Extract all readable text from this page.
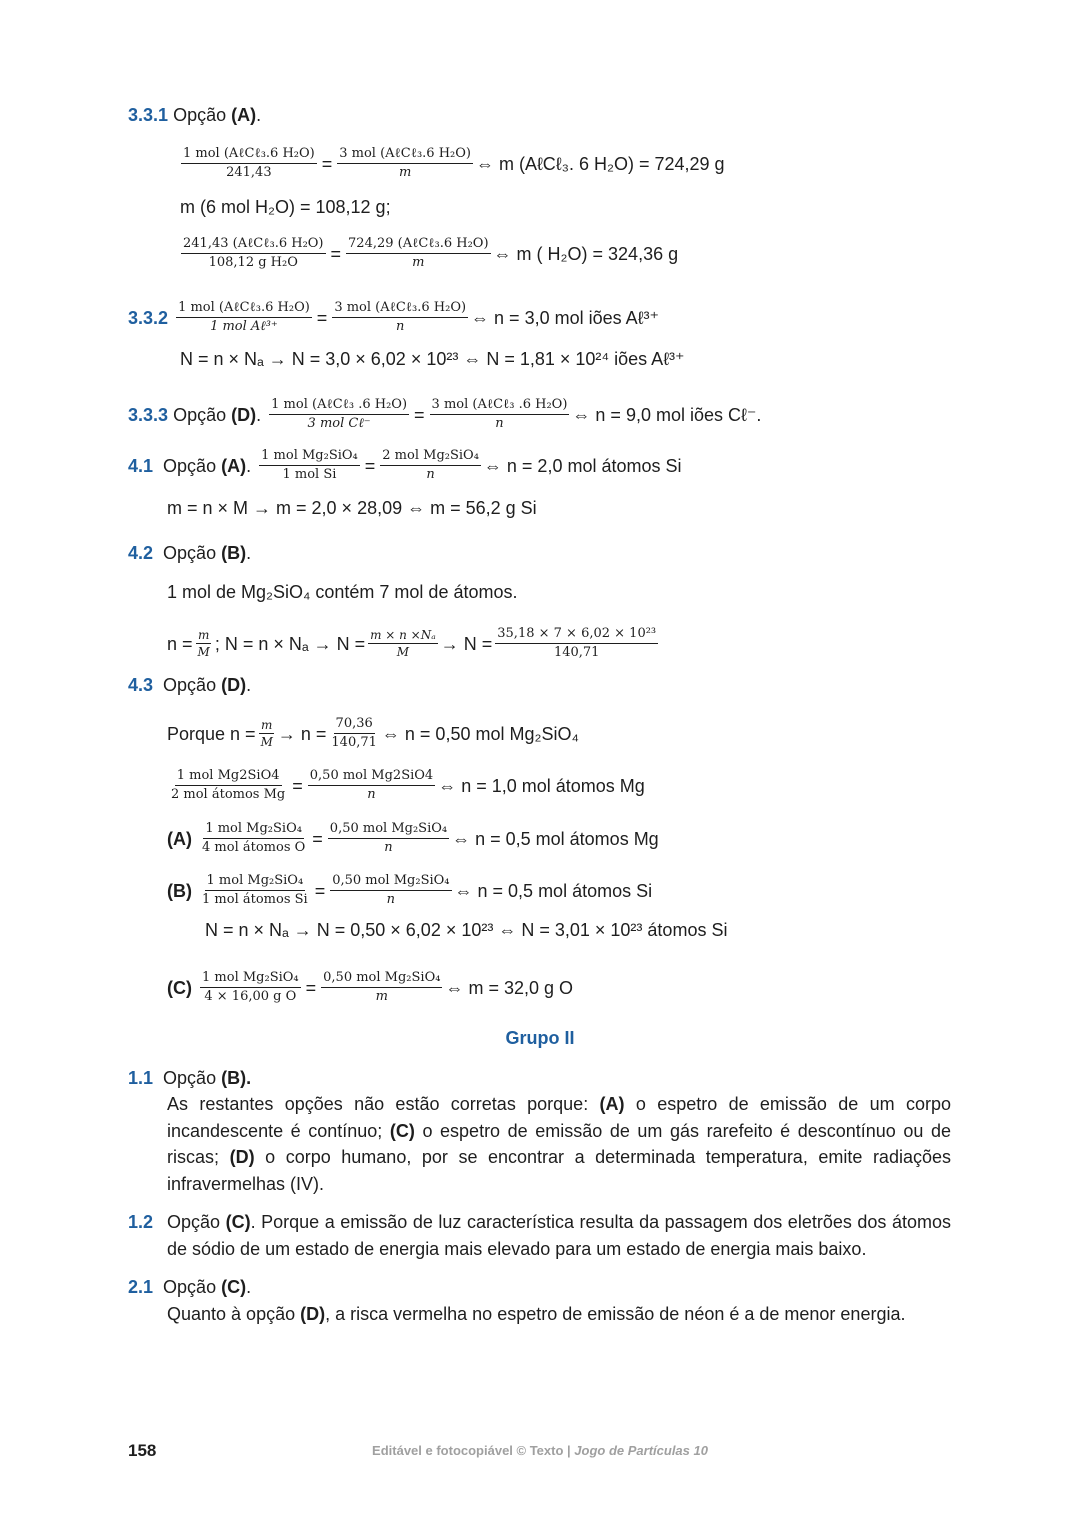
3.3.1
Opção
(A) .
$\frac{\text{1 mol (AℓCℓ₃.6 H₂O)}}{241,43} = \frac{\text{3 mol (AℓCℓ₃.6 H₂O)}}{m}$ ⇔ m (AℓCℓ₃. 6 H₂O) = 724,29 g
m (6 mol H₂O) = 108,12 g;
$\frac{\text{241,43 (AℓCℓ₃.6 H₂O)}}{\text{108,12 g H₂O}} = \frac{\text{724,29 (AℓCℓ₃.6 H₂O)}}{m}$ ⇔ m ( H₂O) = 324,36 g
3.3.2
$\frac{\text{1 mol (AℓCℓ₃.6 H₂O)}}{\text{1 mol Aℓ³⁺}} = \frac{\text{3 mol (AℓCℓ₃.6 H₂O)}}{n}$ ⇔ n = 3,0 mol iões Aℓ³⁺
N = n × Nₐ → N = 3,0 × 6,02 × 10²³ ⇔ N = 1,81 × 10²⁴ iões Aℓ³⁺
3.3.3
Opção
(D) .
$\frac{\text{1 mol (AℓCℓ₃ .6 H₂O)}}{\text{3 mol Cℓ⁻}} = \frac{\text{3 mol (AℓCℓ₃ .6 H₂O)}}{n}$ ⇔ n = 9,0 mol iões Cℓ⁻.
4.1
Opção
(A) .
$\frac{\text{1 mol Mg₂SiO₄}}{\text{1 mol Si}} = \frac{\text{2 mol Mg₂SiO₄}}{n}$ ⇔ n = 2,0 mol átomos Si
m = n × M → m = 2,0 × 28,09 ⇔ m = 56,2 g Si
4.2
Opção
(B) .
1 mol de Mg₂SiO₄ contém 7 mol de átomos.
$n = \frac{m}{M}$ ; $N = n \times N_a \to N = \frac{\text{m × n ×Nₐ}}{M} \to N = \frac{\text{35,18 × 7 × 6,02 × 10²³}}{140,71}$
4.3
Opção
(D) .
Porque $n = \frac{m}{M} \to n = \frac{70,36}{140,71}$ ⇔ n = 0,50 mol Mg₂SiO₄
$\frac{\text{1 mol Mg2SiO4}}{\text{2 mol átomos Mg}} = \frac{\text{0,50 mol Mg2SiO4}}{n}$ ⇔ n = 1,0 mol átomos Mg
(A)
$\frac{\text{1 mol Mg₂SiO₄}}{\text{4 mol átomos O}} = \frac{\text{0,50 mol Mg₂SiO₄}}{n}$ ⇔ n = 0,5 mol átomos Mg
(B)
$\frac{\text{1 mol Mg₂SiO₄}}{\text{1 mol átomos Si}} = \frac{\text{0,50 mol Mg₂SiO₄}}{n}$ ⇔ n = 0,5 mol átomos Si
N = n × Nₐ → N = 0,50 × 6,02 × 10²³ ⇔ N = 3,01 × 10²³ átomos Si
(C)
$\frac{\text{1 mol Mg₂SiO₄}}{\text{4 × 16,00 g O}} = \frac{\text{0,50 mol Mg₂SiO₄}}{m}$ ⇔ m = 32,0 g O
Grupo II
1.1
Opção
(B).
As restantes opções não estão corretas porque: (A) o espetro de emissão de um corpo incandescente é contínuo; (C) o espetro de emissão de um gás rarefeito é descontínuo ou de riscas; (D) o corpo humano, por se encontrar a determinada temperatura, emite radiações infravermelhas (IV).
1.2 Opção (C). Porque a emissão de luz característica resulta da passagem dos eletrões dos átomos de sódio de um estado de energia mais elevado para um estado de energia mais baixo.
2.1
Opção
(C) .
Quanto à opção
(D) , a risca vermelha no espetro de emissão de néon é a de menor energia.
158	Editável e fotocopiável © Texto | Jogo de Partículas 10
